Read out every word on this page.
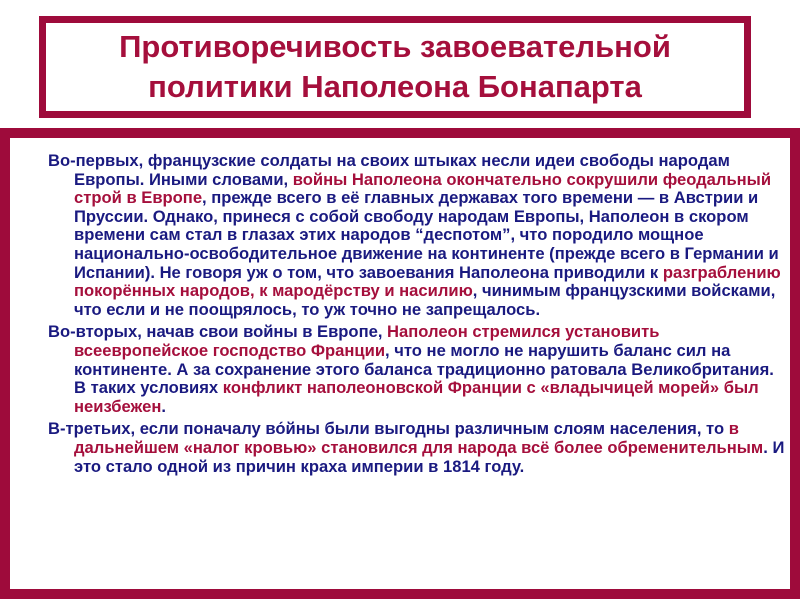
Противоречивость завоевательной политики Наполеона Бонапарта

Во-первых, французские солдаты на своих штыках несли идеи свободы народам Европы. Иными словами, войны Наполеона окончательно сокрушили феодальный строй в Европе, прежде всего в её главных державах того времени — в Австрии и Пруссии. Однако, принеся с собой свободу народам Европы, Наполеон в скором времени сам стал в глазах этих народов “деспотом”, что породило мощное национально-освободительное движение на континенте (прежде всего в Германии и Испании). Не говоря уж о том, что завоевания Наполеона приводили к разграблению покорённых народов, к мародёрству и насилию, чинимым французскими войсками, что если и не поощрялось, то уж точно не запрещалось.

Во-вторых, начав свои войны в Европе, Наполеон стремился установить всеевропейское господство Франции, что не могло не нарушить баланс сил на континенте. А за сохранение этого баланса традиционно ратовала Великобритания. В таких условиях конфликт наполеоновской Франции с «владычицей морей» был неизбежен.

В-третьих, если поначалу во́йны были выгодны различным слоям населения, то в дальнейшем «налог кровью» становился для народа всё более обременительным. И это стало одной из причин краха империи в 1814 году.
